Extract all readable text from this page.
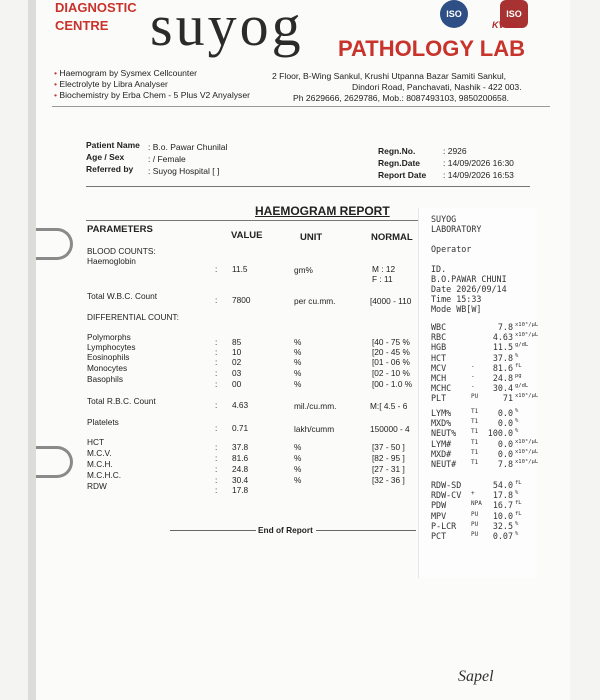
DIAGNOSTIC
CENTRE suyog	ISO	ISO
KVOA
PATHOLOGY LAB
• Haemogram by Sysmex Cellcounter
• Electrolyte by Libra Analyser
• Biochemistry by Erba Chem - 5 Plus V2 Anyalyser
2 Floor, B-Wing Sankul, Krushi Utpanna Bazar Samiti Sankul,
Dindori Road, Panchavati, Nashik - 422 003.
Ph 2629666, 2629786, Mob.: 8087493103, 9850200658.
Patient Name : B.o. Pawar Chunilal
Age / Sex	: / Female
Referred by : Suyog Hospital [ ]
Regn.No.	: 2926
Regn.Date	: 14/09/2026 16:30
Report Date : 14/09/2026 16:53
HAEMOGRAM REPORT
PARAMETERS
VALUE	UNIT	NORMAL
BLOOD COUNTS:
Haemoglobin
: 11.5	gm%	M : 12
F : 11
Total W.B.C. Count	: 7800	per cu.mm.	[4000 - 110
DIFFERENTIAL COUNT:
Polymorphs	: 85	%	[40 - 75 %
Lymphocytes	: 10	%	[20 - 45 %
Eosinophils	: 02	%	[01 - 06 %
Monocytes	: 03	%	[02 - 10 %
Basophils	: 00	%	[00 - 1.0 %
Total R.B.C. Count	: 4.63	mil./cu.mm.	M:[ 4.5 - 6
Platelets
: 0.71	lakh/cumm	150000 - 4
HCT	: 37.8	%	[37 - 50 ]
M.C.V.	: 81.6	%	[82 - 95 ]
M.C.H.	: 24.8	%	[27 - 31 ]
M.C.H.C.	: 30.4	%	[32 - 36 ]
RDW	: 17.8
End of Report
SUYOG
LABORATORY
Operator
ID.
B.O.PAWAR CHUNI
Date 2026/09/14
Time 15:33
Mode WB[W]
WBC	7.8 x10³/µL
RBC	4.63 x10⁶/µL
HGB	11.5 g/dL
HCT	37.8 %
MCV	-	81.6 fL
MCH	-	24.8 pg
MCHC	-	30.4 g/dL
PLT	PU	71 x10³/µL
LYM%	T1	0.0 %
MXD%	T1	0.0 %
NEUT% T1	100.0 %
LYM#	T1	0.0 x10³/µL
MXD#	T1	0.0 x10³/µL
NEUT# T1	7.8 x10³/µL
RDW-SD	54.0 fL
RDW-CV +	17.8 %
PDW	NPA	16.7 fL
MPV	PU	10.0 fL
P-LCR PU	32.5 %
PCT	PU	0.07 %
Sapel
